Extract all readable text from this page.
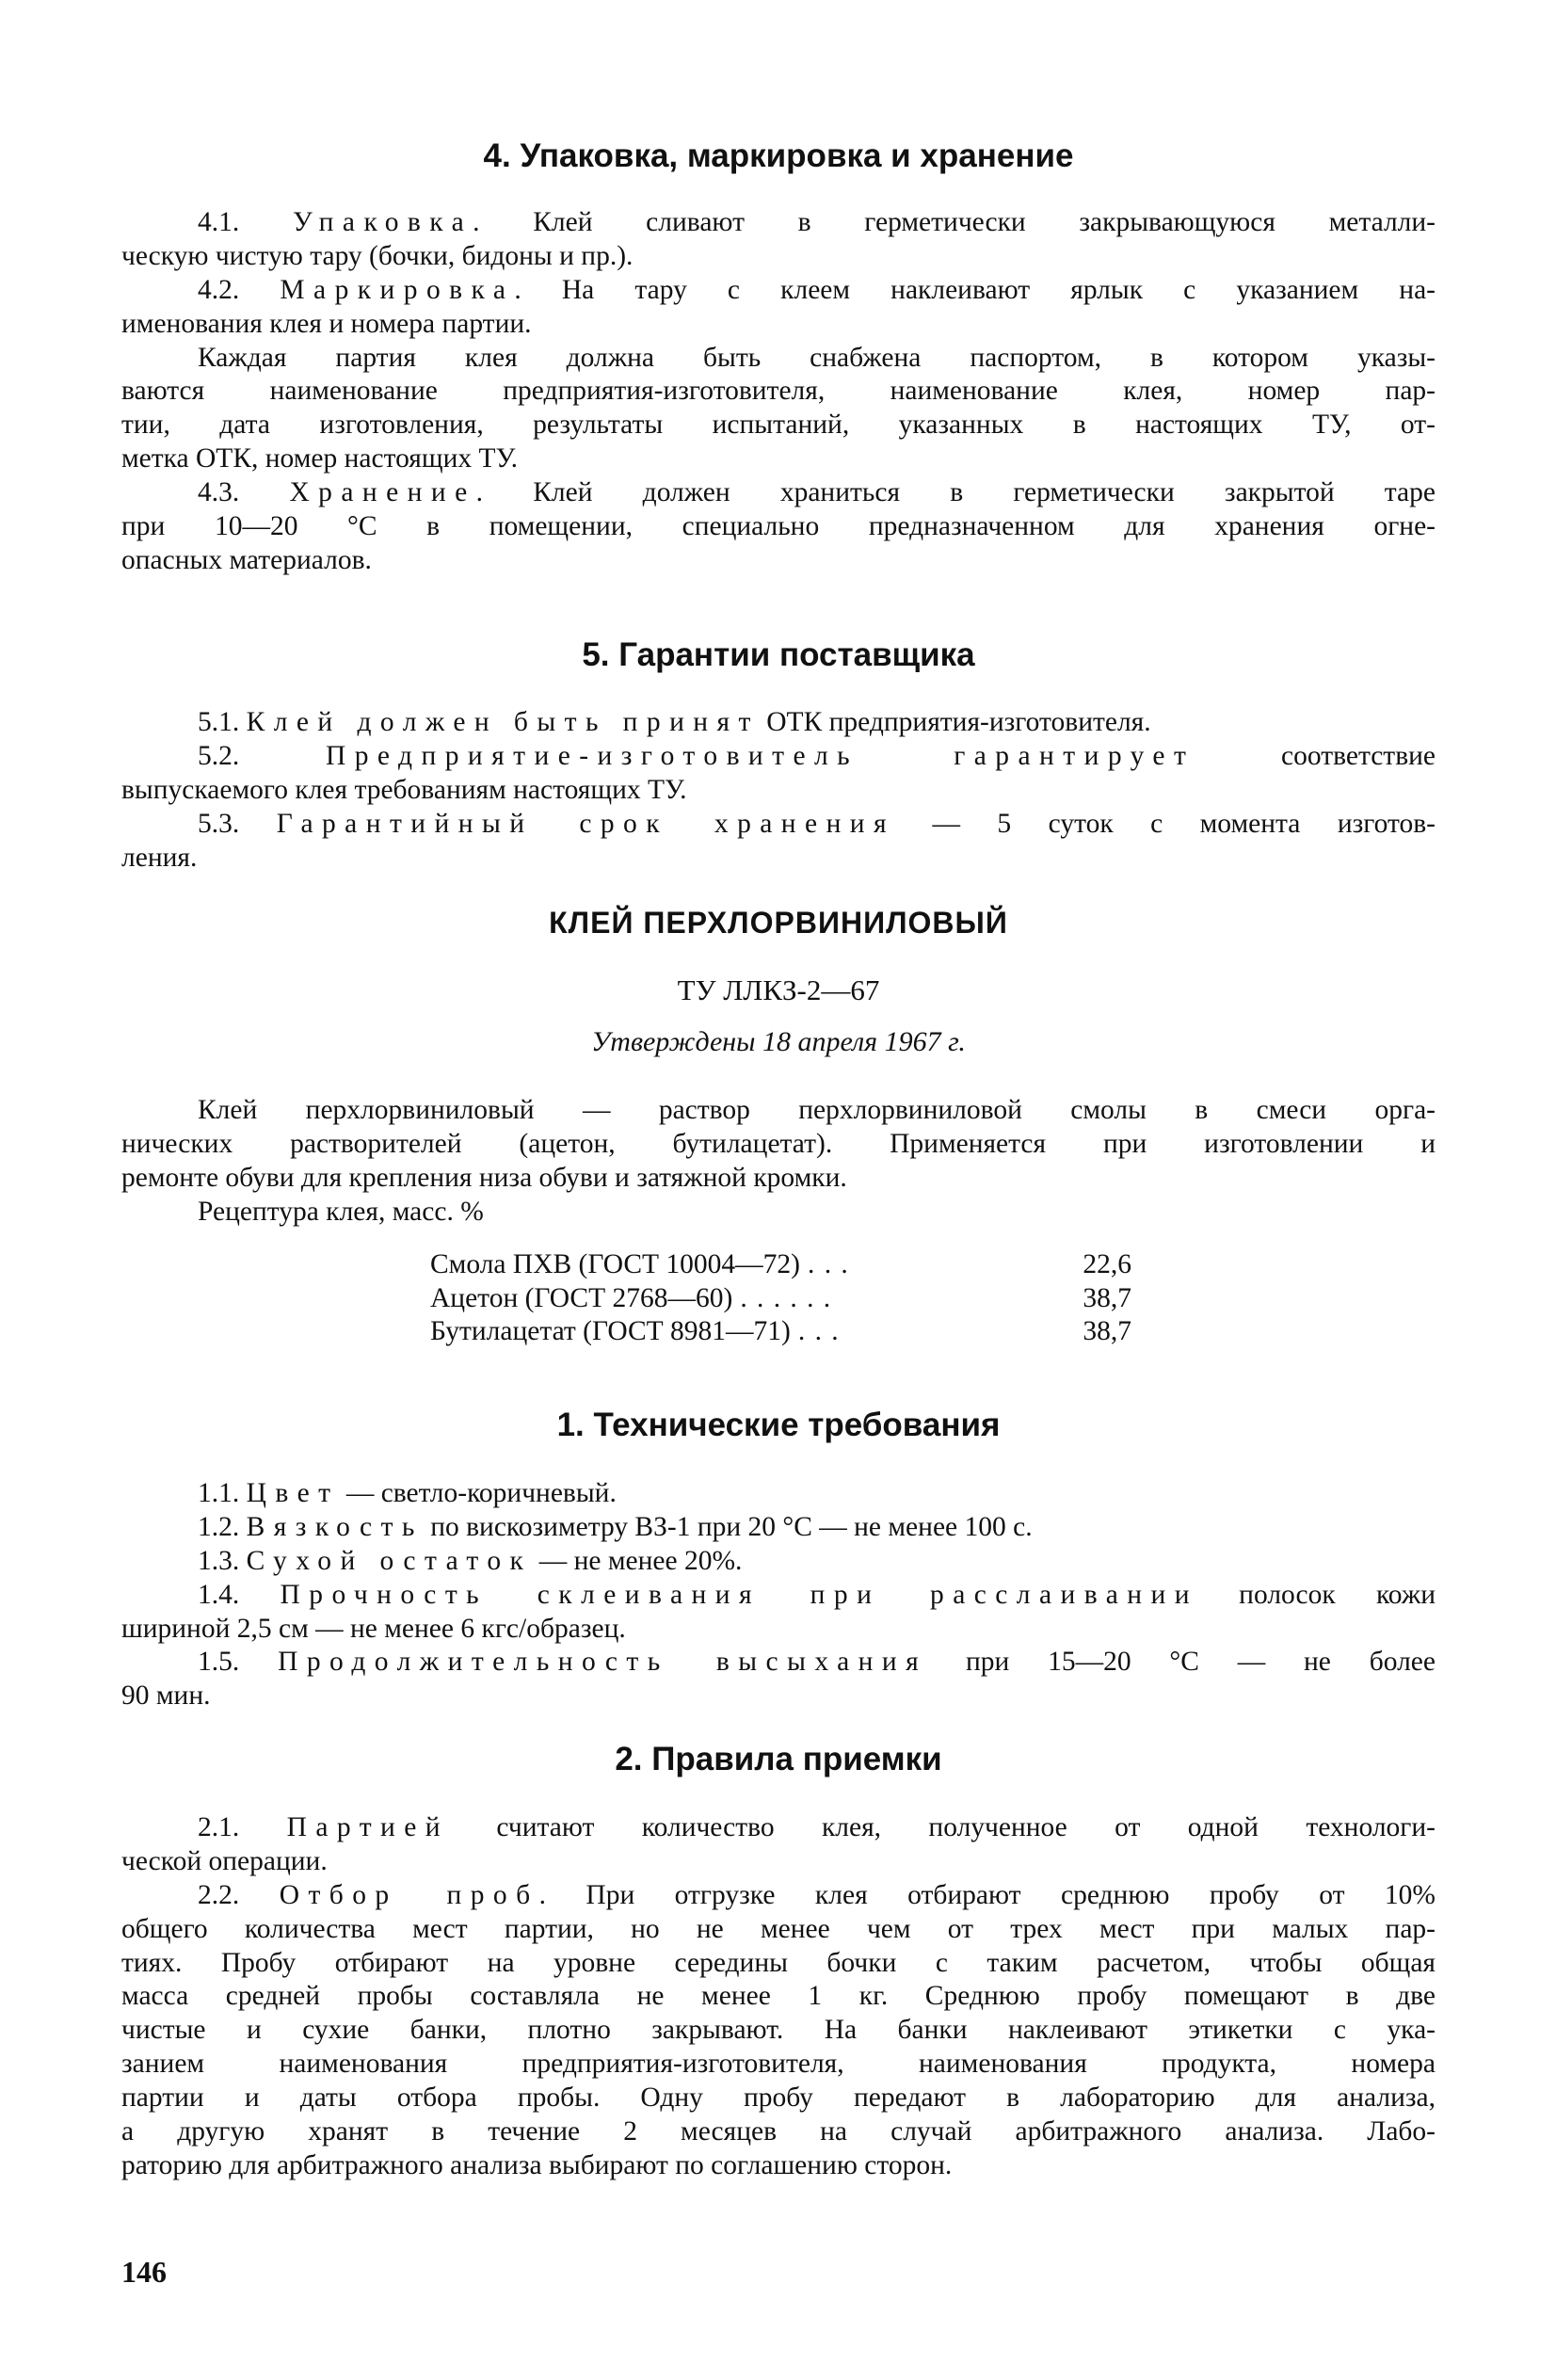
4. Упаковка, маркировка и хранение
4.1. Упаковка. Клей сливают в герметически закрывающуюся металли-
ческую чистую тару (бочки, бидоны и пр.).
4.2. Маркировка. На тару с клеем наклеивают ярлык с указанием на-
именования клея и номера партии.
Каждая партия клея должна быть снабжена паспортом, в котором указы-
ваются наименование предприятия-изготовителя, наименование клея, номер пар-
тии, дата изготовления, результаты испытаний, указанных в настоящих ТУ, от-
метка ОТК, номер настоящих ТУ.
4.3. Хранение. Клей должен храниться в герметически закрытой таре
при 10—20 °С в помещении, специально предназначенном для хранения огне-
опасных материалов.
5. Гарантии поставщика
5.1. Клей должен быть принят ОТК предприятия-изготовителя.
5.2. Предприятие-изготовитель гарантирует соответствие
выпускаемого клея требованиям настоящих ТУ.
5.3. Гарантийный срок хранения — 5 суток с момента изготов-
ления.
КЛЕЙ ПЕРХЛОРВИНИЛОВЫЙ
ТУ ЛЛКЗ-2—67
Утверждены 18 апреля 1967 г.
Клей перхлорвиниловый — раствор перхлорвиниловой смолы в смеси орга-
нических растворителей (ацетон, бутилацетат). Применяется при изготовлении и
ремонте обуви для крепления низа обуви и затяжной кромки.
Рецептура клея, масс. %
Смола ПХВ (ГОСТ 10004—72) ...	22,6
Ацетон (ГОСТ 2768—60) ......	38,7
Бутилацетат (ГОСТ 8981—71) ...	38,7
1. Технические требования
1.1. Цвет — светло-коричневый.
1.2. Вязкость по вискозиметру ВЗ-1 при 20 °С — не менее 100 с.
1.3. Сухой остаток — не менее 20%.
1.4. Прочность склеивания при расслаивании полосок кожи
шириной 2,5 см — не менее 6 кгс/образец.
1.5. Продолжительность высыхания при 15—20 °С — не более
90 мин.
2. Правила приемки
2.1. Партией считают количество клея, полученное от одной технологи-
ческой операции.
2.2. Отбор проб. При отгрузке клея отбирают среднюю пробу от 10%
общего количества мест партии, но не менее чем от трех мест при малых пар-
тиях. Пробу отбирают на уровне середины бочки с таким расчетом, чтобы общая
масса средней пробы составляла не менее 1 кг. Среднюю пробу помещают в две
чистые и сухие банки, плотно закрывают. На банки наклеивают этикетки с ука-
занием наименования предприятия-изготовителя, наименования продукта, номера
партии и даты отбора пробы. Одну пробу передают в лабораторию для анализа,
а другую хранят в течение 2 месяцев на случай арбитражного анализа. Лабо-
раторию для арбитражного анализа выбирают по соглашению сторон.
146
